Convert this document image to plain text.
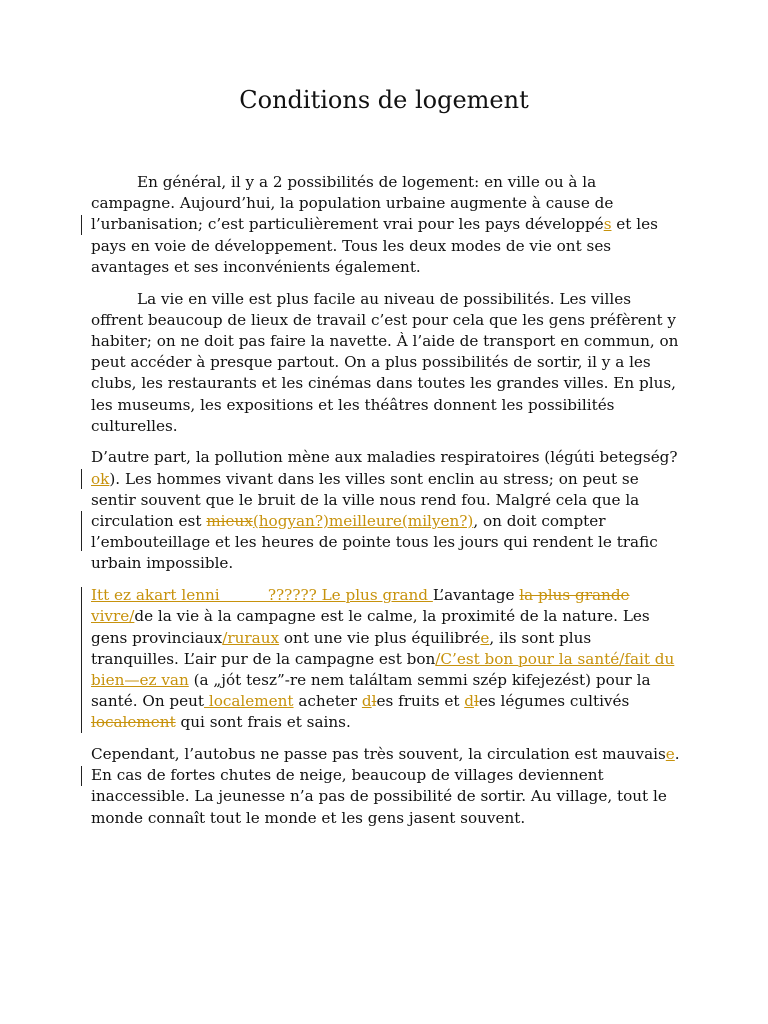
Conditions de logement

En général, il y a 2 possibilités de logement: en ville ou à la campagne. Aujourd’hui, la population urbaine augmente à cause de l’urbanisation; c’est particulièrement vrai pour les pays développés et les pays en voie de développement. Tous les deux modes de vie ont ses avantages et ses inconvénients également.

La vie en ville est plus facile au niveau de possibilités. Les villes offrent beaucoup de lieux de travail c’est pour cela que les gens préfèrent y habiter; on ne doit pas faire la navette. À l’aide de transport en commun, on peut accéder à presque partout. On a plus possibilités de sortir, il y a les clubs, les restaurants et les cinémas dans toutes les grandes villes. En plus, les museums, les expositions et les théâtres donnent les possibilités culturelles.

D’autre part, la pollution mène aux maladies respiratoires (légúti betegség?ok). Les hommes vivant dans les villes sont enclin au stress; on peut se sentir souvent que le bruit de la ville nous rend fou. Malgré cela que la circulation est mieux(hogyan?)meilleure(milyen?), on doit compter l’embouteillage et les heures de pointe tous les jours qui rendent le trafic urbain impossible.

Itt ez akart lenni          ?????? Le plus grand L’avantage la plus grande vivre/de la vie à la campagne est le calme, la proximité de la nature. Les gens provinciaux/ruraux ont une vie plus équilibrée, ils sont plus tranquilles. L’air pur de la campagne est bon/C’est bon pour la santé/fait du bien—ez van (a „jót tesz”-re nem találtam semmi szép kifejezést) pour la santé. On peut localement acheter dles fruits et dles légumes cultivés localement qui sont frais et sains.

Cependant, l’autobus ne passe pas très souvent, la circulation est mauvaise. En cas de fortes chutes de neige, beaucoup de villages deviennent inaccessible. La jeunesse n’a pas de possibilité de sortir. Au village, tout le monde connaît tout le monde et les gens jasent souvent.
